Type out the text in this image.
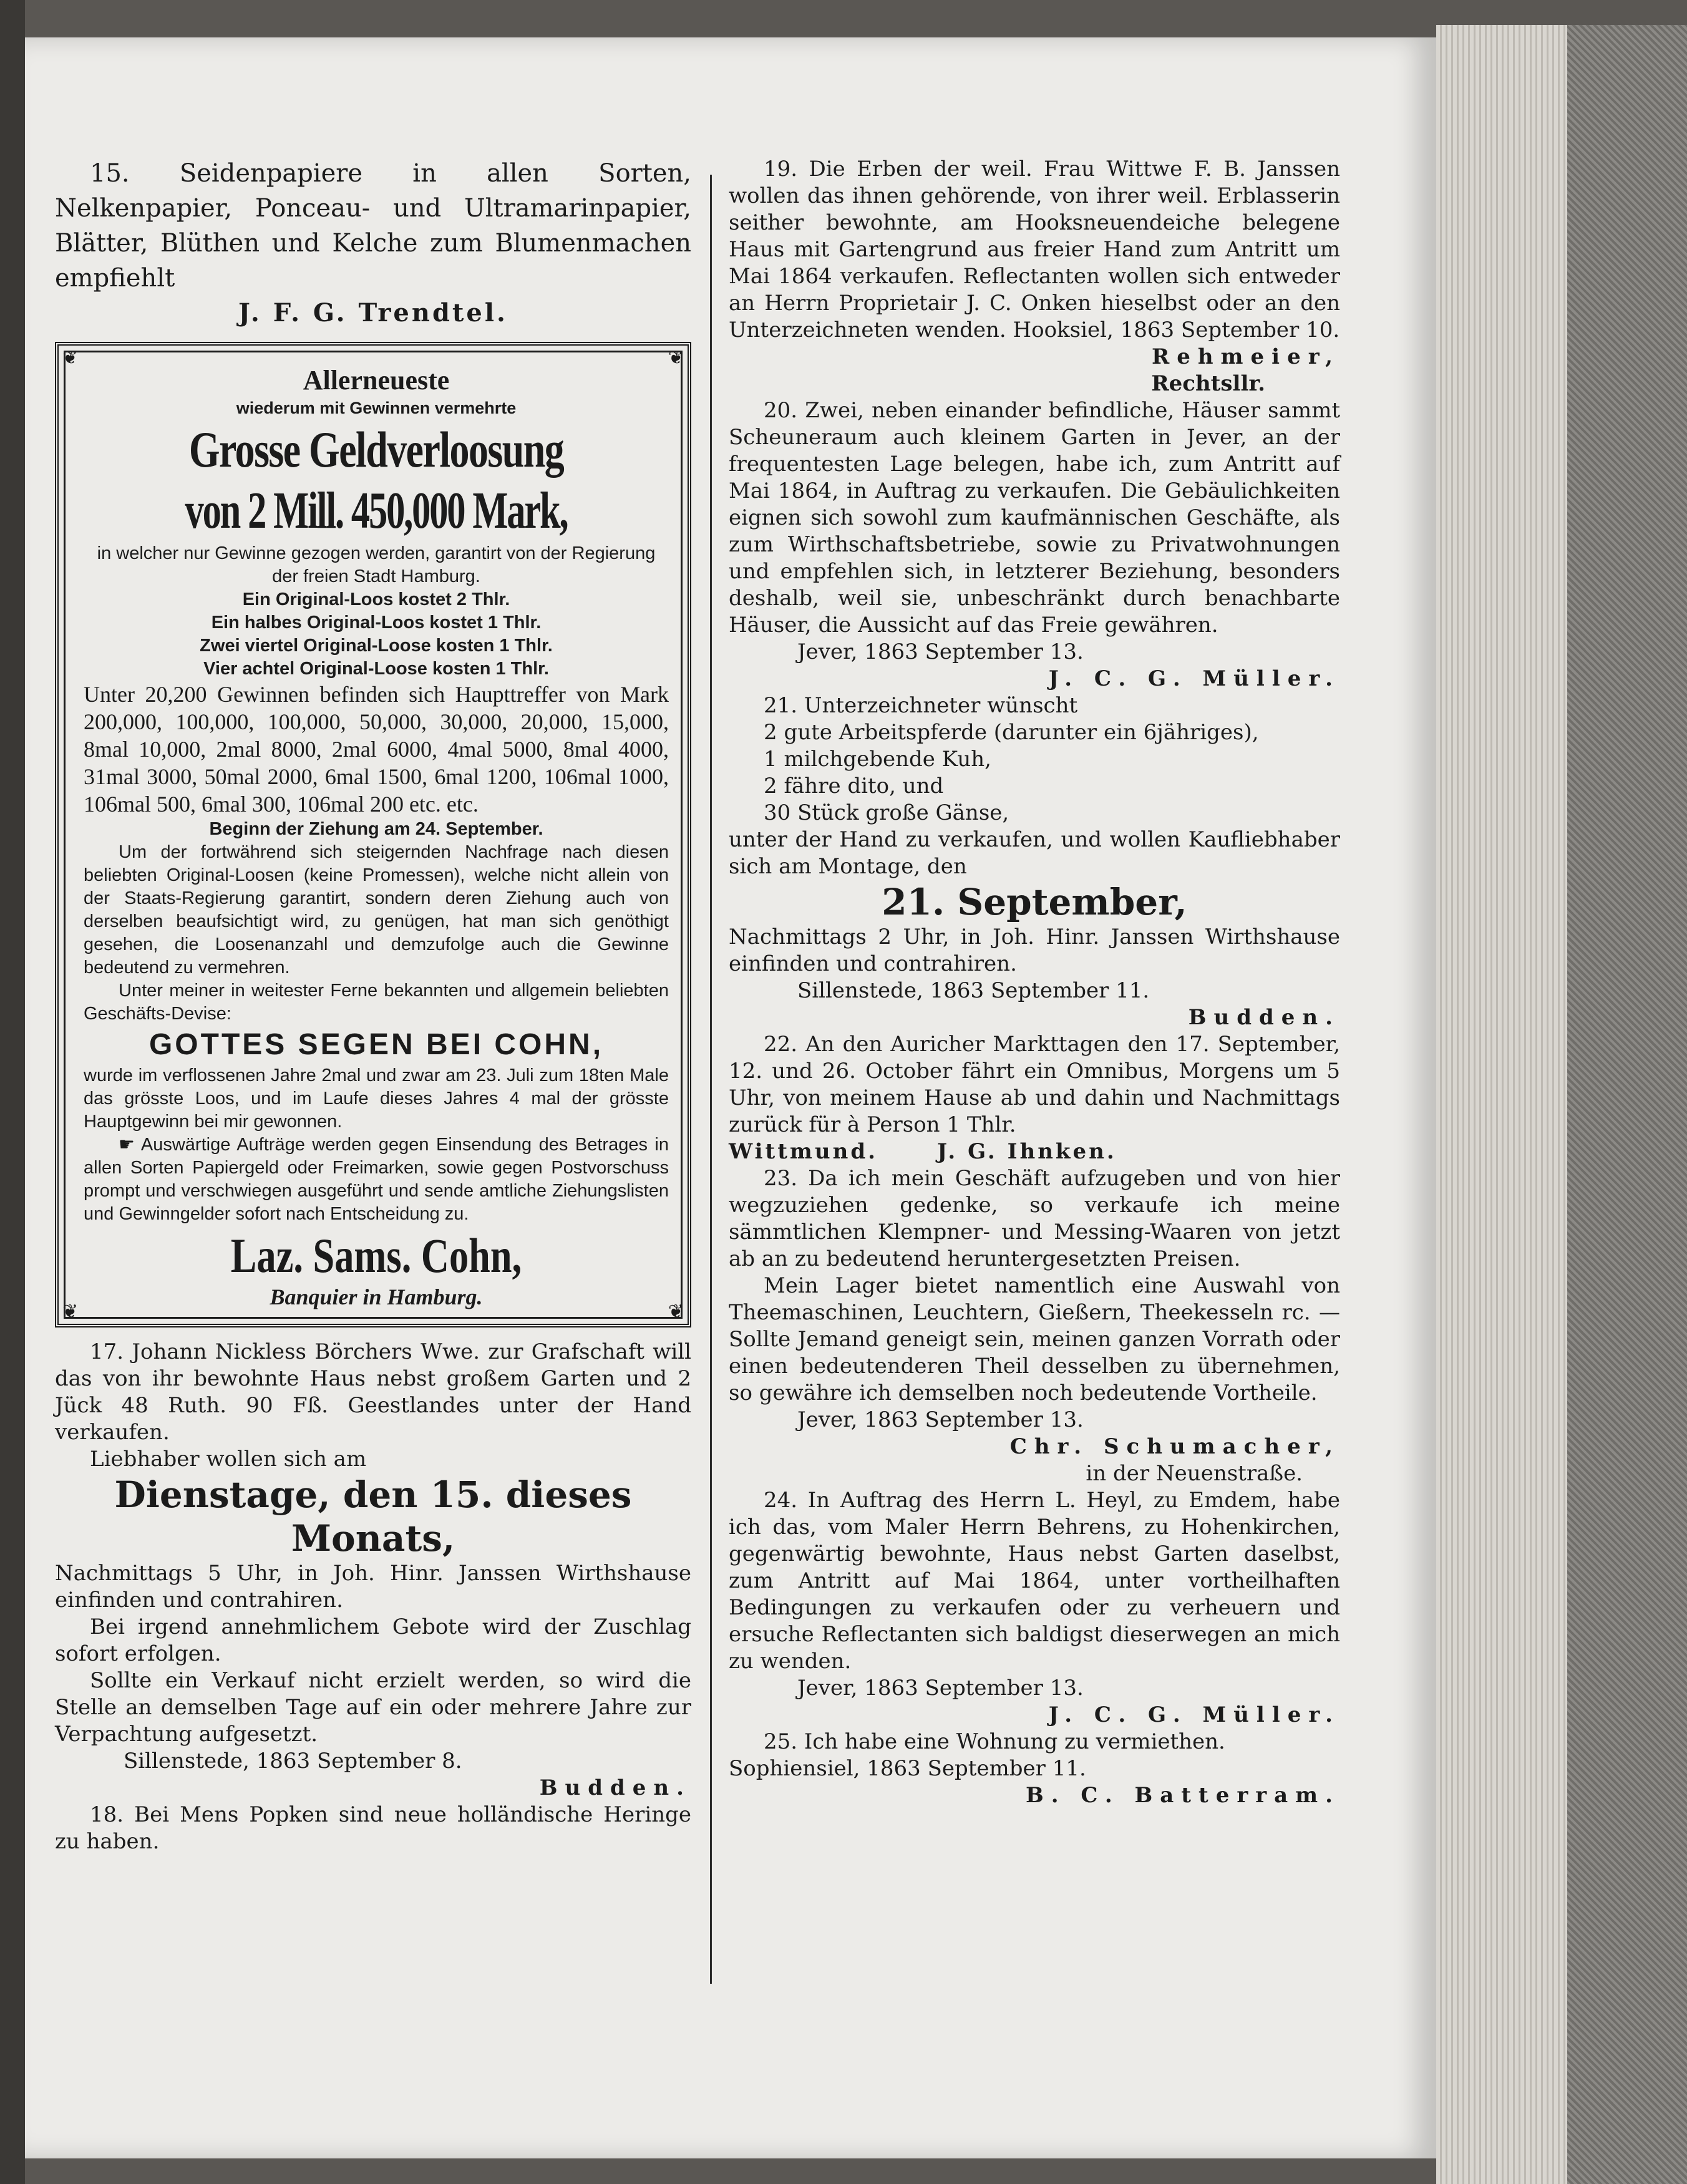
15. Seidenpapiere in allen Sorten, Nelkenpapier, Ponceau- und Ultramarinpapier, Blätter, Blüthen und Kelche zum Blumenmachen empfiehlt

J. F. G. Trendtel.

❦	❦
❦	❦

Allerneueste

wiederum mit Gewinnen vermehrte

Grosse Geldverloosung

von 2 Mill. 450,000 Mark,

in welcher nur Gewinne gezogen werden, garantirt von der Regierung der freien Stadt Hamburg.

Ein Original-Loos kostet 2 Thlr.

Ein halbes Original-Loos kostet 1 Thlr.

Zwei viertel Original-Loose kosten 1 Thlr.

Vier achtel Original-Loose kosten 1 Thlr.

Unter 20,200 Gewinnen befinden sich Haupttreffer von Mark 200,000, 100,000, 100,000, 50,000, 30,000, 20,000, 15,000, 8mal 10,000, 2mal 8000, 2mal 6000, 4mal 5000, 8mal 4000, 31mal 3000, 50mal 2000, 6mal 1500, 6mal 1200, 106mal 1000, 106mal 500, 6mal 300, 106mal 200 etc. etc.

Beginn der Ziehung am 24. September.

Um der fortwährend sich steigernden Nachfrage nach diesen beliebten Original-Loosen (keine Promessen), welche nicht allein von der Staats-Regierung garantirt, sondern deren Ziehung auch von derselben beaufsichtigt wird, zu genügen, hat man sich genöthigt gesehen, die Loosenanzahl und demzufolge auch die Gewinne bedeutend zu vermehren.

Unter meiner in weitester Ferne bekannten und allgemein beliebten Geschäfts-Devise:

GOTTES SEGEN BEI COHN,

wurde im verflossenen Jahre 2mal und zwar am 23. Juli zum 18ten Male das grösste Loos, und im Laufe dieses Jahres 4 mal der grösste Hauptgewinn bei mir gewonnen.

☛ Auswärtige Aufträge werden gegen Einsendung des Betrages in allen Sorten Papiergeld oder Freimarken, sowie gegen Postvorschuss prompt und verschwiegen ausgeführt und sende amtliche Ziehungslisten und Gewinngelder sofort nach Entscheidung zu.

Laz. Sams. Cohn,

Banquier in Hamburg.

17. Johann Nickless Börchers Wwe. zur Grafschaft will das von ihr bewohnte Haus nebst großem Garten und 2 Jück 48 Ruth. 90 Fß. Geestlandes unter der Hand verkaufen.

Liebhaber wollen sich am

Dienstage, den 15. dieses Monats,

Nachmittags 5 Uhr, in Joh. Hinr. Janssen Wirthshause einfinden und contrahiren.

Bei irgend annehmlichem Gebote wird der Zuschlag sofort erfolgen.

Sollte ein Verkauf nicht erzielt werden, so wird die Stelle an demselben Tage auf ein oder mehrere Jahre zur Verpachtung aufgesetzt.

Sillenstede, 1863 September 8.

Budden.

18. Bei Mens Popken sind neue holländische Heringe zu haben.

19. Die Erben der weil. Frau Wittwe F. B. Janssen wollen das ihnen gehörende, von ihrer weil. Erblasserin seither bewohnte, am Hooksneuendeiche belegene Haus mit Gartengrund aus freier Hand zum Antritt um Mai 1864 verkaufen. Reflectanten wollen sich entweder an Herrn Proprietair J. C. Onken hieselbst oder an den Unterzeichneten wenden. Hooksiel, 1863 September 10.

Rehmeier,

Rechtsllr.

20. Zwei, neben einander befindliche, Häuser sammt Scheuneraum auch kleinem Garten in Jever, an der frequentesten Lage belegen, habe ich, zum Antritt auf Mai 1864, in Auftrag zu verkaufen. Die Gebäulichkeiten eignen sich sowohl zum kaufmännischen Geschäfte, als zum Wirthschaftsbetriebe, sowie zu Privatwohnungen und empfehlen sich, in letzterer Beziehung, besonders deshalb, weil sie, unbeschränkt durch benachbarte Häuser, die Aussicht auf das Freie gewähren.

Jever, 1863 September 13.

J. C. G. Müller.

21. Unterzeichneter wünscht

2 gute Arbeitspferde (darunter ein 6jähriges),

1 milchgebende Kuh,

2 fähre dito, und

30 Stück große Gänse,

unter der Hand zu verkaufen, und wollen Kaufliebhaber sich am Montage, den

21. September,

Nachmittags 2 Uhr, in Joh. Hinr. Janssen Wirthshause einfinden und contrahiren.

Sillenstede, 1863 September 11.

Budden.

22. An den Auricher Markttagen den 17. September, 12. und 26. October fährt ein Omnibus, Morgens um 5 Uhr, von meinem Hause ab und dahin und Nachmittags zurück für à Person 1 Thlr.

Wittmund.      J. G. Ihnken.

23. Da ich mein Geschäft aufzugeben und von hier wegzuziehen gedenke, so verkaufe ich meine sämmtlichen Klempner- und Messing-Waaren von jetzt ab an zu bedeutend heruntergesetzten Preisen.

Mein Lager bietet namentlich eine Auswahl von Theemaschinen, Leuchtern, Gießern, Theekesseln rc. — Sollte Jemand geneigt sein, meinen ganzen Vorrath oder einen bedeutenderen Theil desselben zu übernehmen, so gewähre ich demselben noch bedeutende Vortheile.

Jever, 1863 September 13.

Chr. Schumacher,

in der Neuenstraße.

24. In Auftrag des Herrn L. Heyl, zu Emdem, habe ich das, vom Maler Herrn Behrens, zu Hohenkirchen, gegenwärtig bewohnte, Haus nebst Garten daselbst, zum Antritt auf Mai 1864, unter vortheilhaften Bedingungen zu verkaufen oder zu verheuern und ersuche Reflectanten sich baldigst dieserwegen an mich zu wenden.

Jever, 1863 September 13.

J. C. G. Müller.

25. Ich habe eine Wohnung zu vermiethen.

Sophiensiel, 1863 September 11.

B. C. Batterram.
